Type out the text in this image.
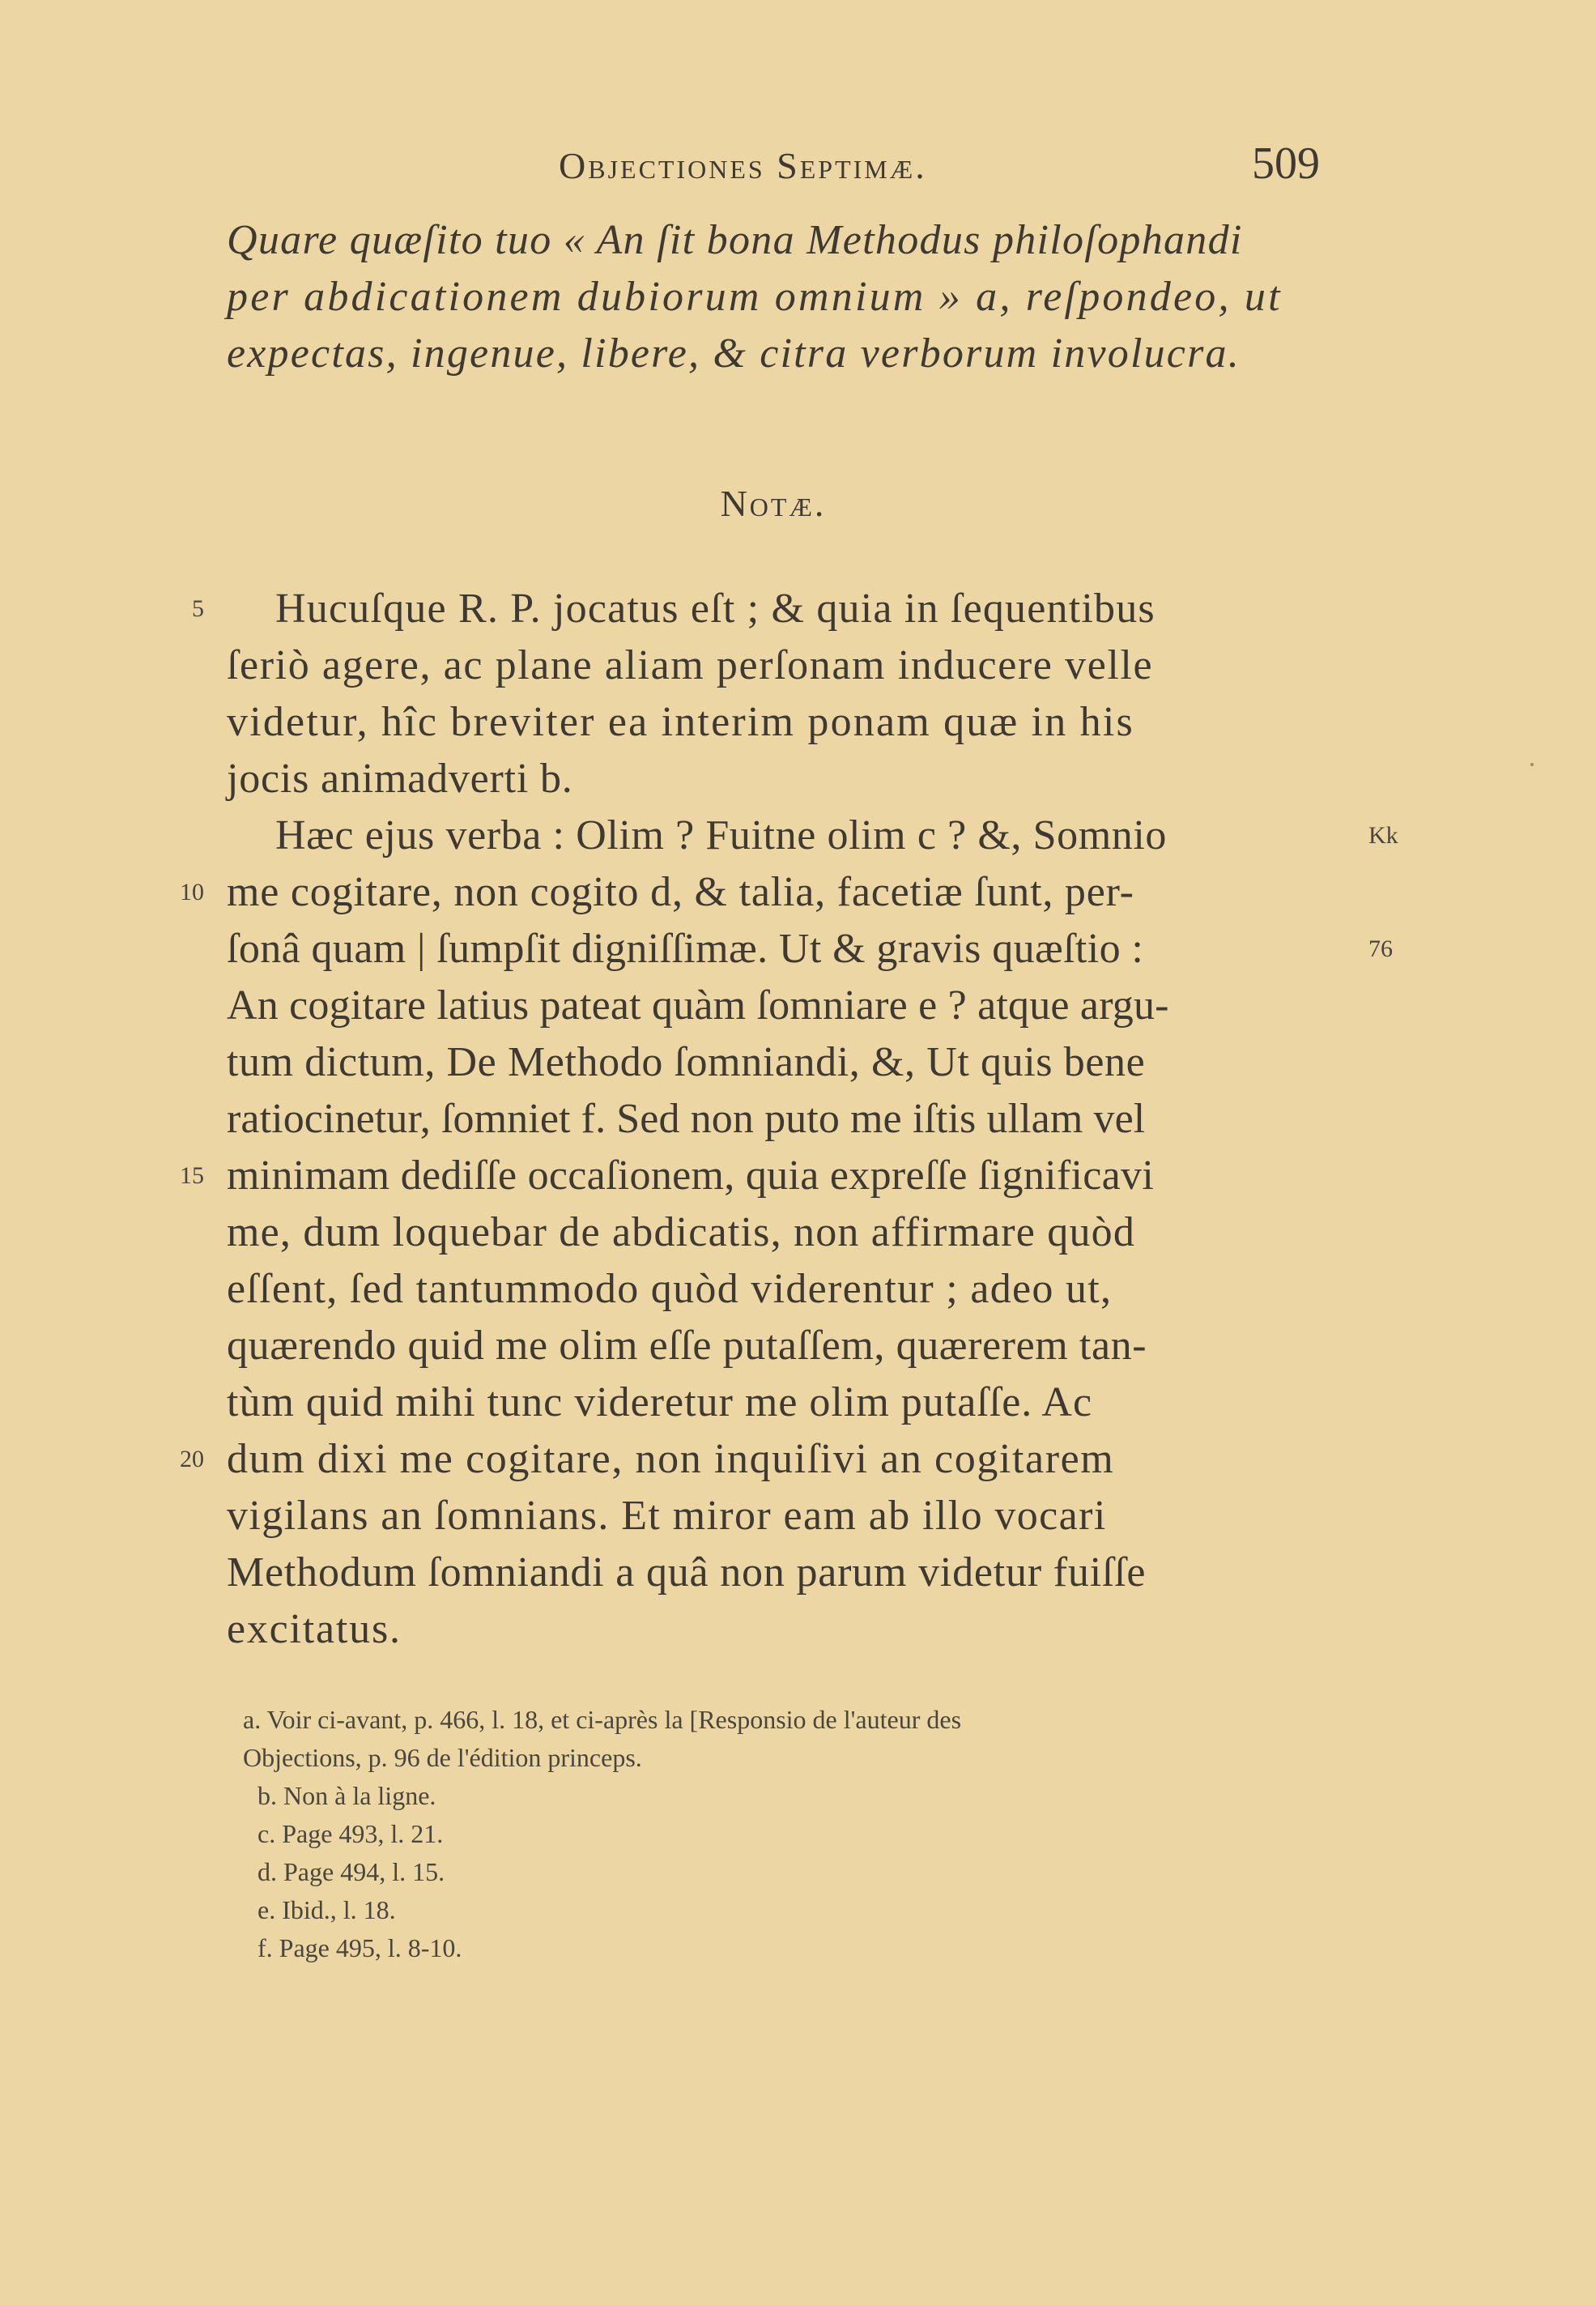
Objectiones Septimæ.	509
Quare quæſito tuo « An ſit bona Methodus philoſophandi
per abdicationem dubiorum omnium » a, reſpondeo, ut
expectas, ingenue, libere, & citra verborum involucra.
Notæ.
Hucuſque R. P. jocatus eſt ; & quia in ſequentibus
5
ſeriò agere, ac plane aliam perſonam inducere velle
videtur, hîc breviter ea interim ponam quæ in his
jocis animadverti b.
Hæc ejus verba : Olim ? Fuitne olim c ? &, Somnio	Kk
me cogitare, non cogito d, & talia, facetiæ ſunt, per-
10
ſonâ quam | ſumpſit digniſſimæ. Ut & gravis quæſtio :	76
An cogitare latius pateat quàm ſomniare e ? atque argu-
tum dictum, De Methodo ſomniandi, &, Ut quis bene
ratiocinetur, ſomniet f. Sed non puto me iſtis ullam vel
minimam dediſſe occaſionem, quia expreſſe ſignificavi
15
me, dum loquebar de abdicatis, non affirmare quòd
eſſent, ſed tantummodo quòd viderentur ; adeo ut,
quærendo quid me olim eſſe putaſſem, quærerem tan-
tùm quid mihi tunc videretur me olim putaſſe. Ac
dum dixi me cogitare, non inquiſivi an cogitarem
20
vigilans an ſomnians. Et miror eam ab illo vocari
Methodum ſomniandi a quâ non parum videtur fuiſſe
excitatus.
a. Voir ci-avant, p. 466, l. 18, et ci-après la [Responsio de l'auteur des
Objections, p. 96 de l'édition princeps.
b. Non à la ligne.
c. Page 493, l. 21.
d. Page 494, l. 15.
e. Ibid., l. 18.
f. Page 495, l. 8-10.
